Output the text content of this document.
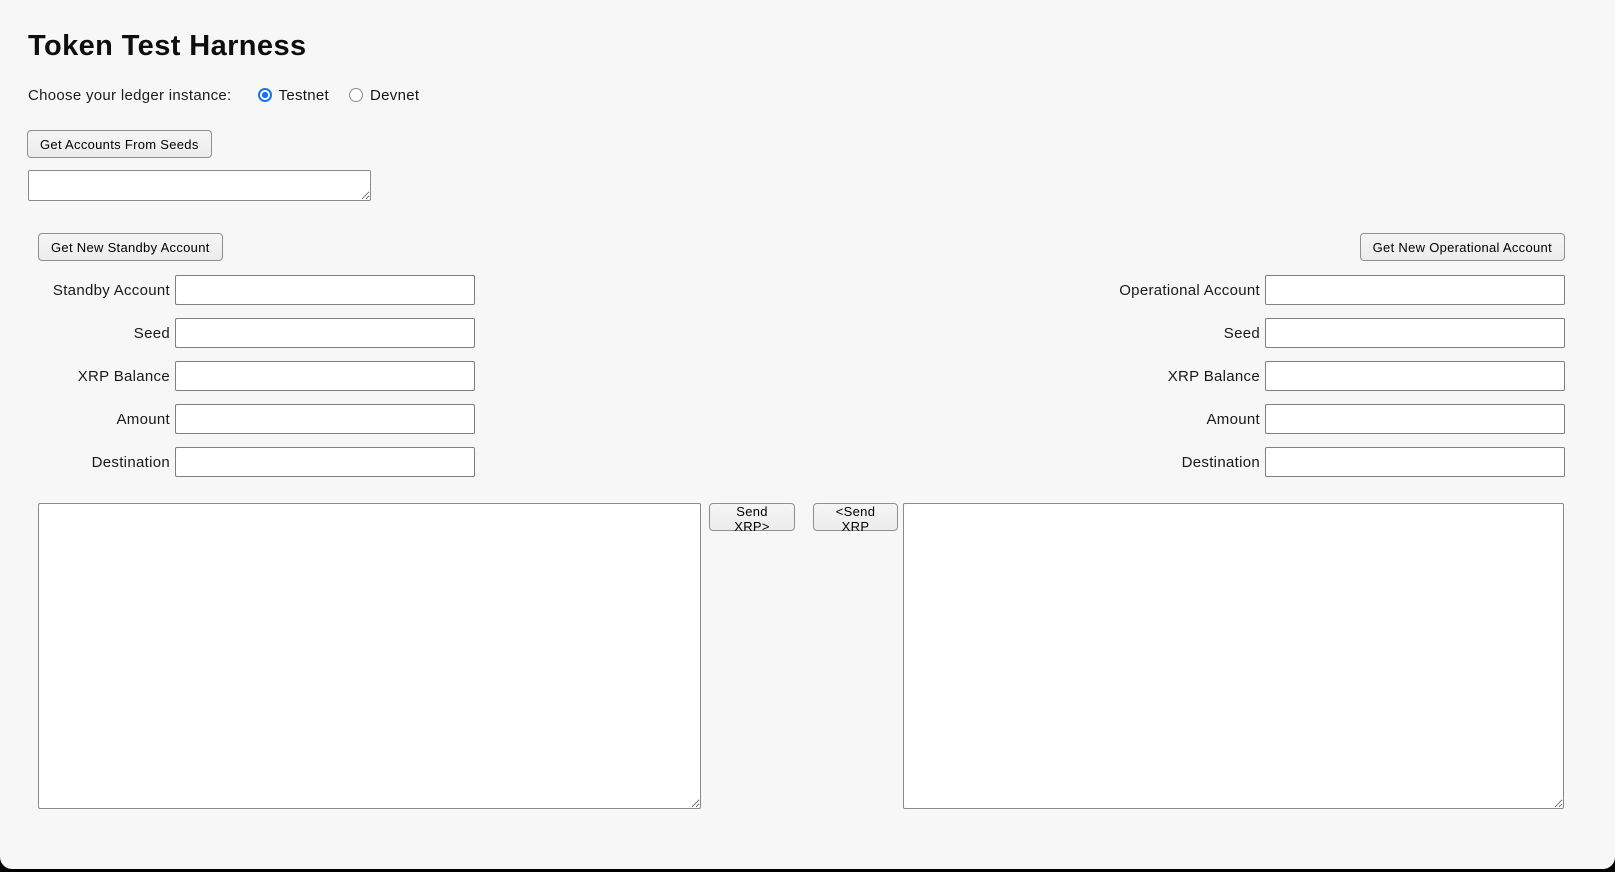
Token Test Harness
Choose your ledger instance:	Testnet	Devnet
Get Accounts From Seeds
Get New Standby Account	Get New Operational Account
Standby Account
Seed
XRP Balance
Amount
Destination
Operational Account
Seed
XRP Balance
Amount
Destination
Send XRP>
<Send XRP
